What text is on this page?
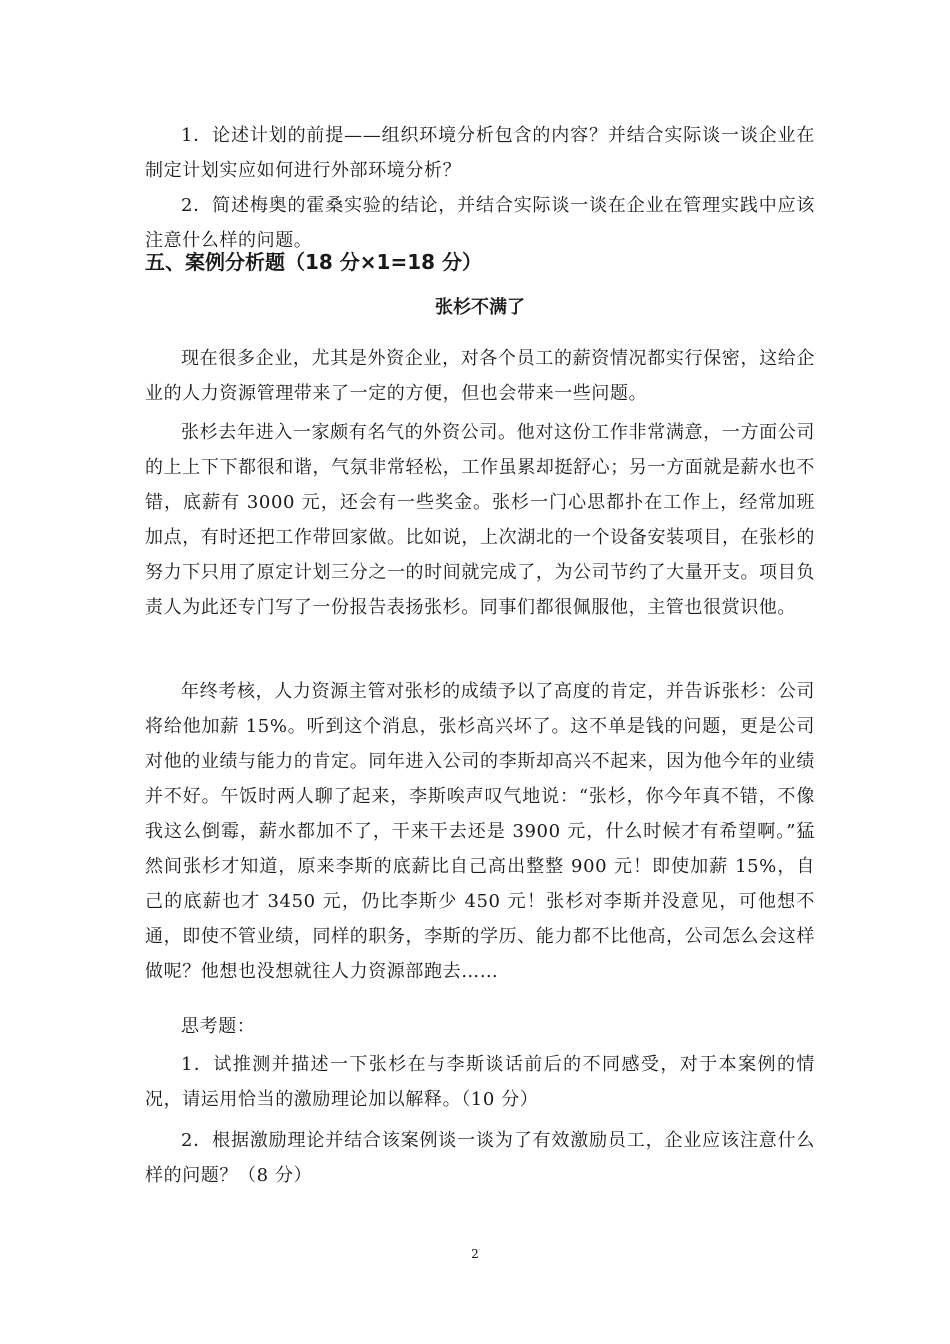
1．论述计划的前提——组织环境分析包含的内容？并结合实际谈一谈企业在制定计划实应如何进行外部环境分析？

2．简述梅奥的霍桑实验的结论，并结合实际谈一谈在企业在管理实践中应该注意什么样的问题。

五、案例分析题（18 分×1=18 分）
张杉不满了

现在很多企业，尤其是外资企业，对各个员工的薪资情况都实行保密，这给企业的人力资源管理带来了一定的方便，但也会带来一些问题。

张杉去年进入一家颇有名气的外资公司。他对这份工作非常满意，一方面公司的上上下下都很和谐，气氛非常轻松，工作虽累却挺舒心；另一方面就是薪水也不错，底薪有 3000 元，还会有一些奖金。张杉一门心思都扑在工作上，经常加班加点，有时还把工作带回家做。比如说，上次湖北的一个设备安装项目，在张杉的努力下只用了原定计划三分之一的时间就完成了，为公司节约了大量开支。项目负责人为此还专门写了一份报告表扬张杉。同事们都很佩服他，主管也很赏识他。

年终考核，人力资源主管对张杉的成绩予以了高度的肯定，并告诉张杉：公司将给他加薪 15%。听到这个消息，张杉高兴坏了。这不单是钱的问题，更是公司对他的业绩与能力的肯定。同年进入公司的李斯却高兴不起来，因为他今年的业绩并不好。午饭时两人聊了起来，李斯唉声叹气地说：“张杉，你今年真不错，不像我这么倒霉，薪水都加不了，干来干去还是 3900 元，什么时候才有希望啊。”猛然间张杉才知道，原来李斯的底薪比自己高出整整 900 元！即使加薪 15%，自己的底薪也才 3450 元，仍比李斯少 450 元！张杉对李斯并没意见，可他想不通，即使不管业绩，同样的职务，李斯的学历、能力都不比他高，公司怎么会这样做呢？他想也没想就往人力资源部跑去……

思考题：

1．试推测并描述一下张杉在与李斯谈话前后的不同感受，对于本案例的情况，请运用恰当的激励理论加以解释。（10 分）

2．根据激励理论并结合该案例谈一谈为了有效激励员工，企业应该注意什么样的问题？（8 分）

2
